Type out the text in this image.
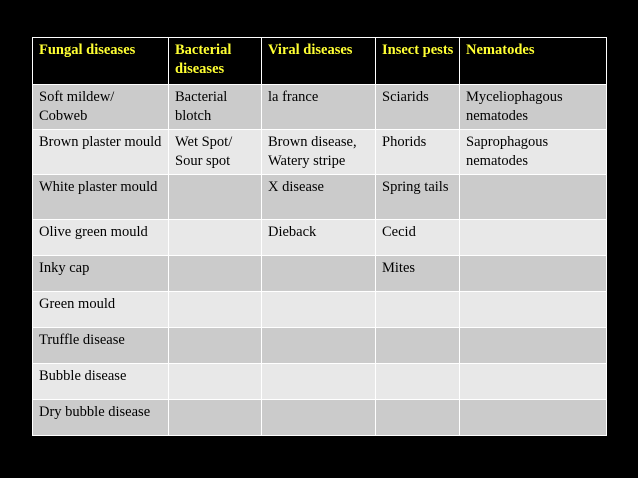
Fungal diseases	Bacterial diseases	Viral diseases	Insect pests	Nematodes
Soft mildew/ Cobweb	Bacterial blotch	la france	Sciarids	Myceliophagous nematodes
Brown plaster mould	Wet Spot/ Sour spot	Brown disease, Watery stripe	Phorids	Saprophagous nematodes
White plaster mould		X disease	Spring tails	
Olive green mould		Dieback	Cecid	
Inky cap			Mites	
Green mould				
Truffle disease				
Bubble disease				
Dry bubble disease				
